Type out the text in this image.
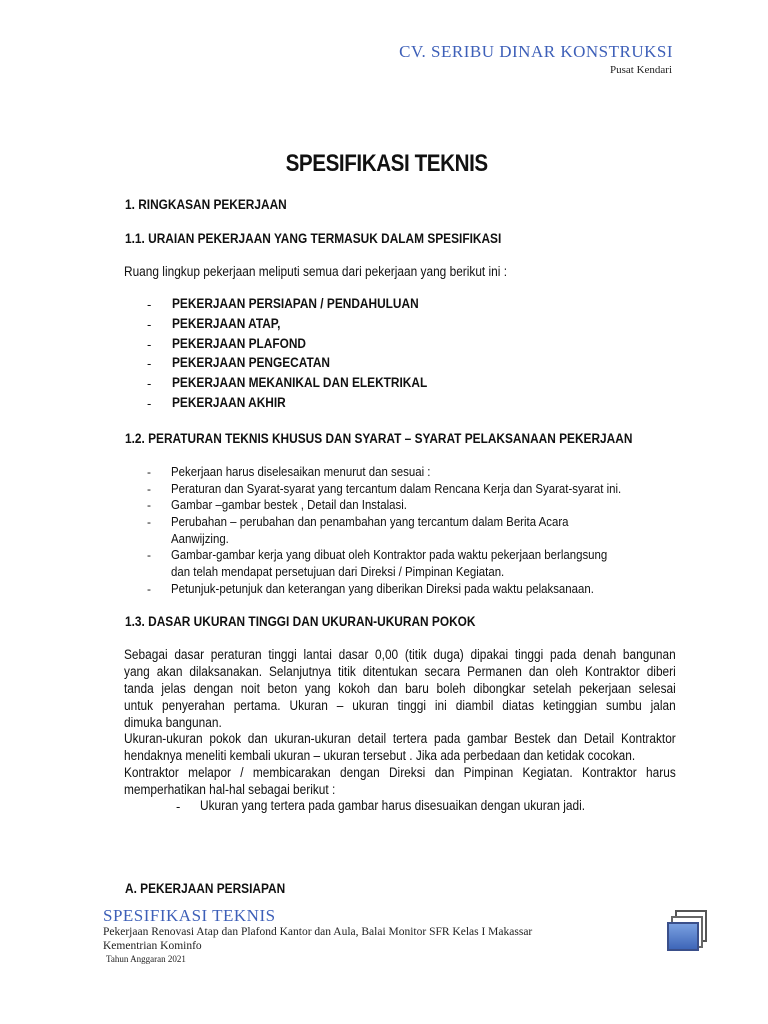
CV. SERIBU DINAR KONSTRUKSI
Pusat Kendari
SPESIFIKASI TEKNIS
1. RINGKASAN PEKERJAAN
1.1. URAIAN PEKERJAAN YANG TERMASUK DALAM SPESIFIKASI
Ruang lingkup pekerjaan meliputi semua dari pekerjaan yang berikut ini :
- PEKERJAAN PERSIAPAN / PENDAHULUAN
- PEKERJAAN ATAP,
- PEKERJAAN PLAFOND
- PEKERJAAN PENGECATAN
- PEKERJAAN MEKANIKAL DAN ELEKTRIKAL
- PEKERJAAN AKHIR
1.2. PERATURAN TEKNIS KHUSUS DAN SYARAT – SYARAT PELAKSANAAN PEKERJAAN
- Pekerjaan harus diselesaikan menurut dan sesuai :
- Peraturan dan Syarat-syarat yang tercantum dalam Rencana Kerja dan Syarat-syarat ini.
- Gambar –gambar bestek , Detail dan Instalasi.
- Perubahan – perubahan dan penambahan yang tercantum dalam Berita Acara
Aanwijzing.
- Gambar-gambar kerja yang dibuat oleh Kontraktor pada waktu pekerjaan berlangsung
dan telah mendapat persetujuan dari Direksi / Pimpinan Kegiatan.
- Petunjuk-petunjuk dan keterangan yang diberikan Direksi pada waktu pelaksanaan.
1.3. DASAR UKURAN TINGGI DAN UKURAN-UKURAN POKOK
Sebagai dasar peraturan tinggi lantai dasar 0,00 (titik duga) dipakai tinggi pada denah bangunan
yang akan dilaksanakan. Selanjutnya titik ditentukan secara Permanen dan oleh Kontraktor diberi
tanda jelas dengan noit beton yang kokoh dan baru boleh dibongkar setelah pekerjaan selesai
untuk penyerahan pertama. Ukuran – ukuran tinggi ini diambil diatas ketinggian sumbu jalan
dimuka bangunan.
Ukuran-ukuran pokok dan ukuran-ukuran detail tertera pada gambar Bestek dan Detail Kontraktor
hendaknya meneliti kembali ukuran – ukuran tersebut . Jika ada perbedaan dan ketidak cocokan.
Kontraktor melapor / membicarakan dengan Direksi dan Pimpinan Kegiatan. Kontraktor harus
memperhatikan hal-hal sebagai berikut :
- Ukuran yang tertera pada gambar harus disesuaikan dengan ukuran jadi.
A. PEKERJAAN PERSIAPAN
SPESIFIKASI TEKNIS
Pekerjaan Renovasi Atap dan Plafond Kantor dan Aula, Balai Monitor SFR Kelas I Makassar
Kementrian Kominfo
Tahun Anggaran 2021
